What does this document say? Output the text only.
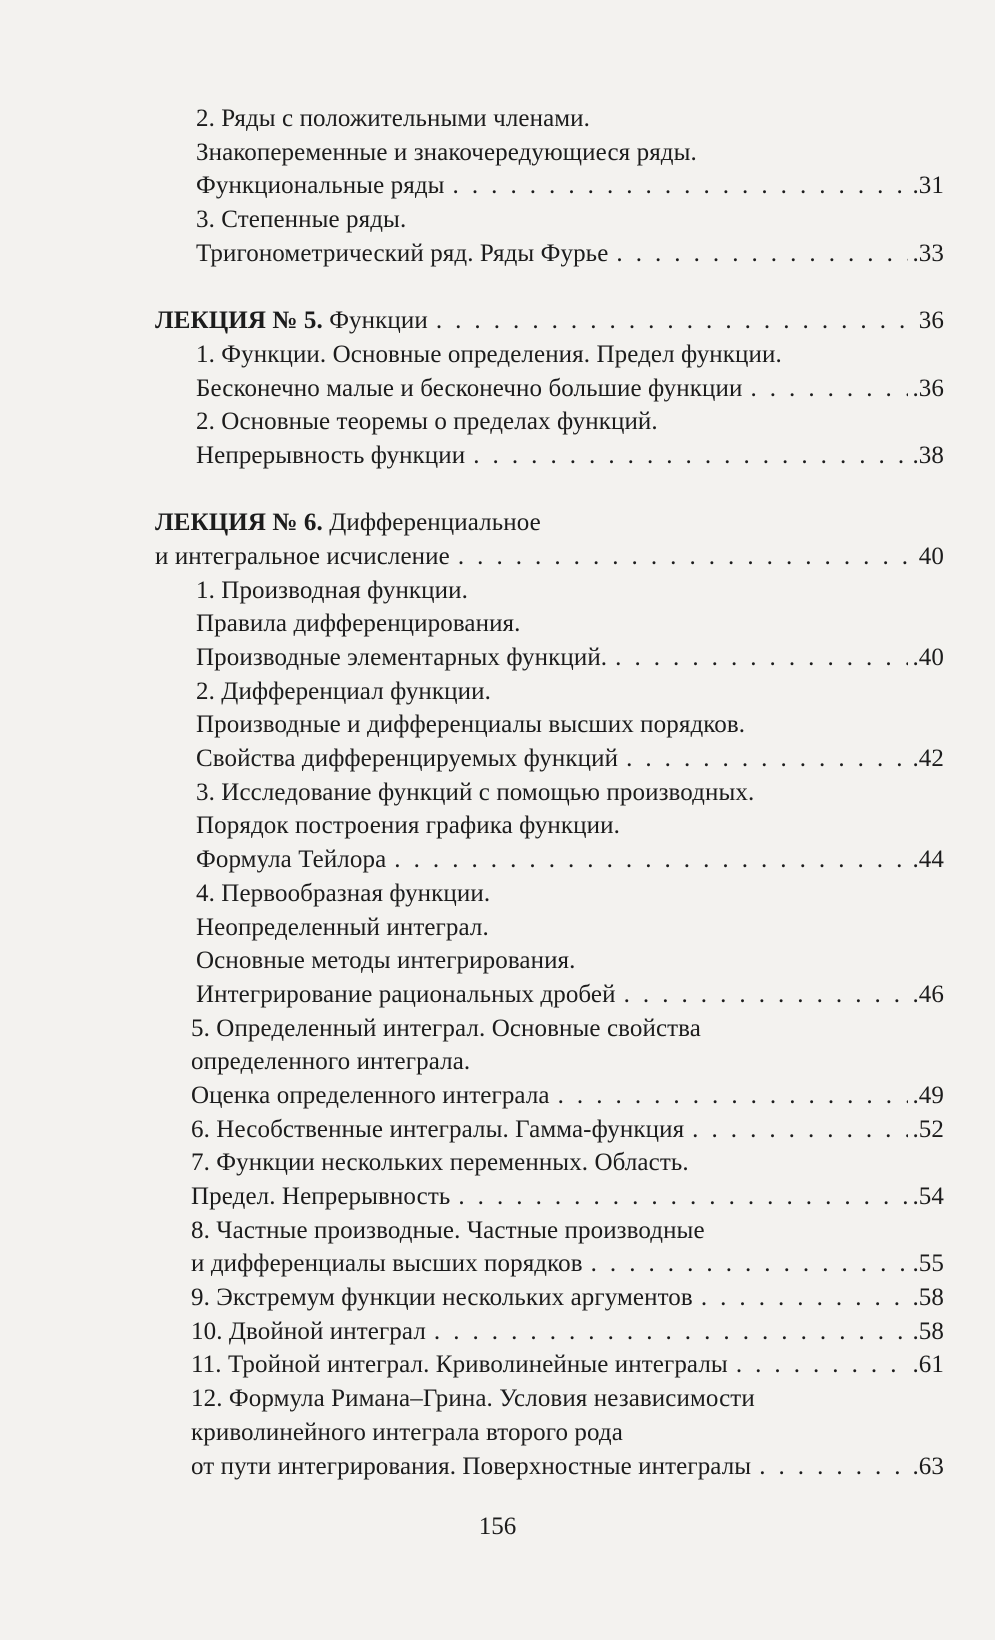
2. Ряды с положительными членами.
Знакопеременные и знакочередующиеся ряды.
Функциональные ряды . . .	.31
3. Степенные ряды.
Тригонометрический ряд. Ряды Фурье . . .	.33
ЛЕКЦИЯ № 5. Функции . . .	36
1. Функции. Основные определения. Предел функции.
Бесконечно малые и бесконечно большие функции . . .	.36
2. Основные теоремы о пределах функций.
Непрерывность функции . . .	.38
ЛЕКЦИЯ № 6. Дифференциальное
и интегральное исчисление . . .	40
1. Производная функции.
Правила дифференцирования.
Производные элементарных функций. . . .	.40
2. Дифференциал функции.
Производные и дифференциалы высших порядков.
Свойства дифференцируемых функций . . .	.42
3. Исследование функций с помощью производных.
Порядок построения графика функции.
Формула Тейлора . . .	.44
4. Первообразная функции.
Неопределенный интеграл.
Основные методы интегрирования.
Интегрирование рациональных дробей . . .	.46
5. Определенный интеграл. Основные свойства
определенного интеграла.
Оценка определенного интеграла . . .	.49
6. Несобственные интегралы. Гамма-функция . . .	.52
7. Функции нескольких переменных. Область.
Предел. Непрерывность . . .	.54
8. Частные производные. Частные производные
и дифференциалы высших порядков . . .	.55
9. Экстремум функции нескольких аргументов . . .	.58
10. Двойной интеграл . . .	.58
11. Тройной интеграл. Криволинейные интегралы . . .	.61
12. Формула Римана–Грина. Условия независимости
криволинейного интеграла второго рода
от пути интегрирования. Поверхностные интегралы . . .	.63
156
